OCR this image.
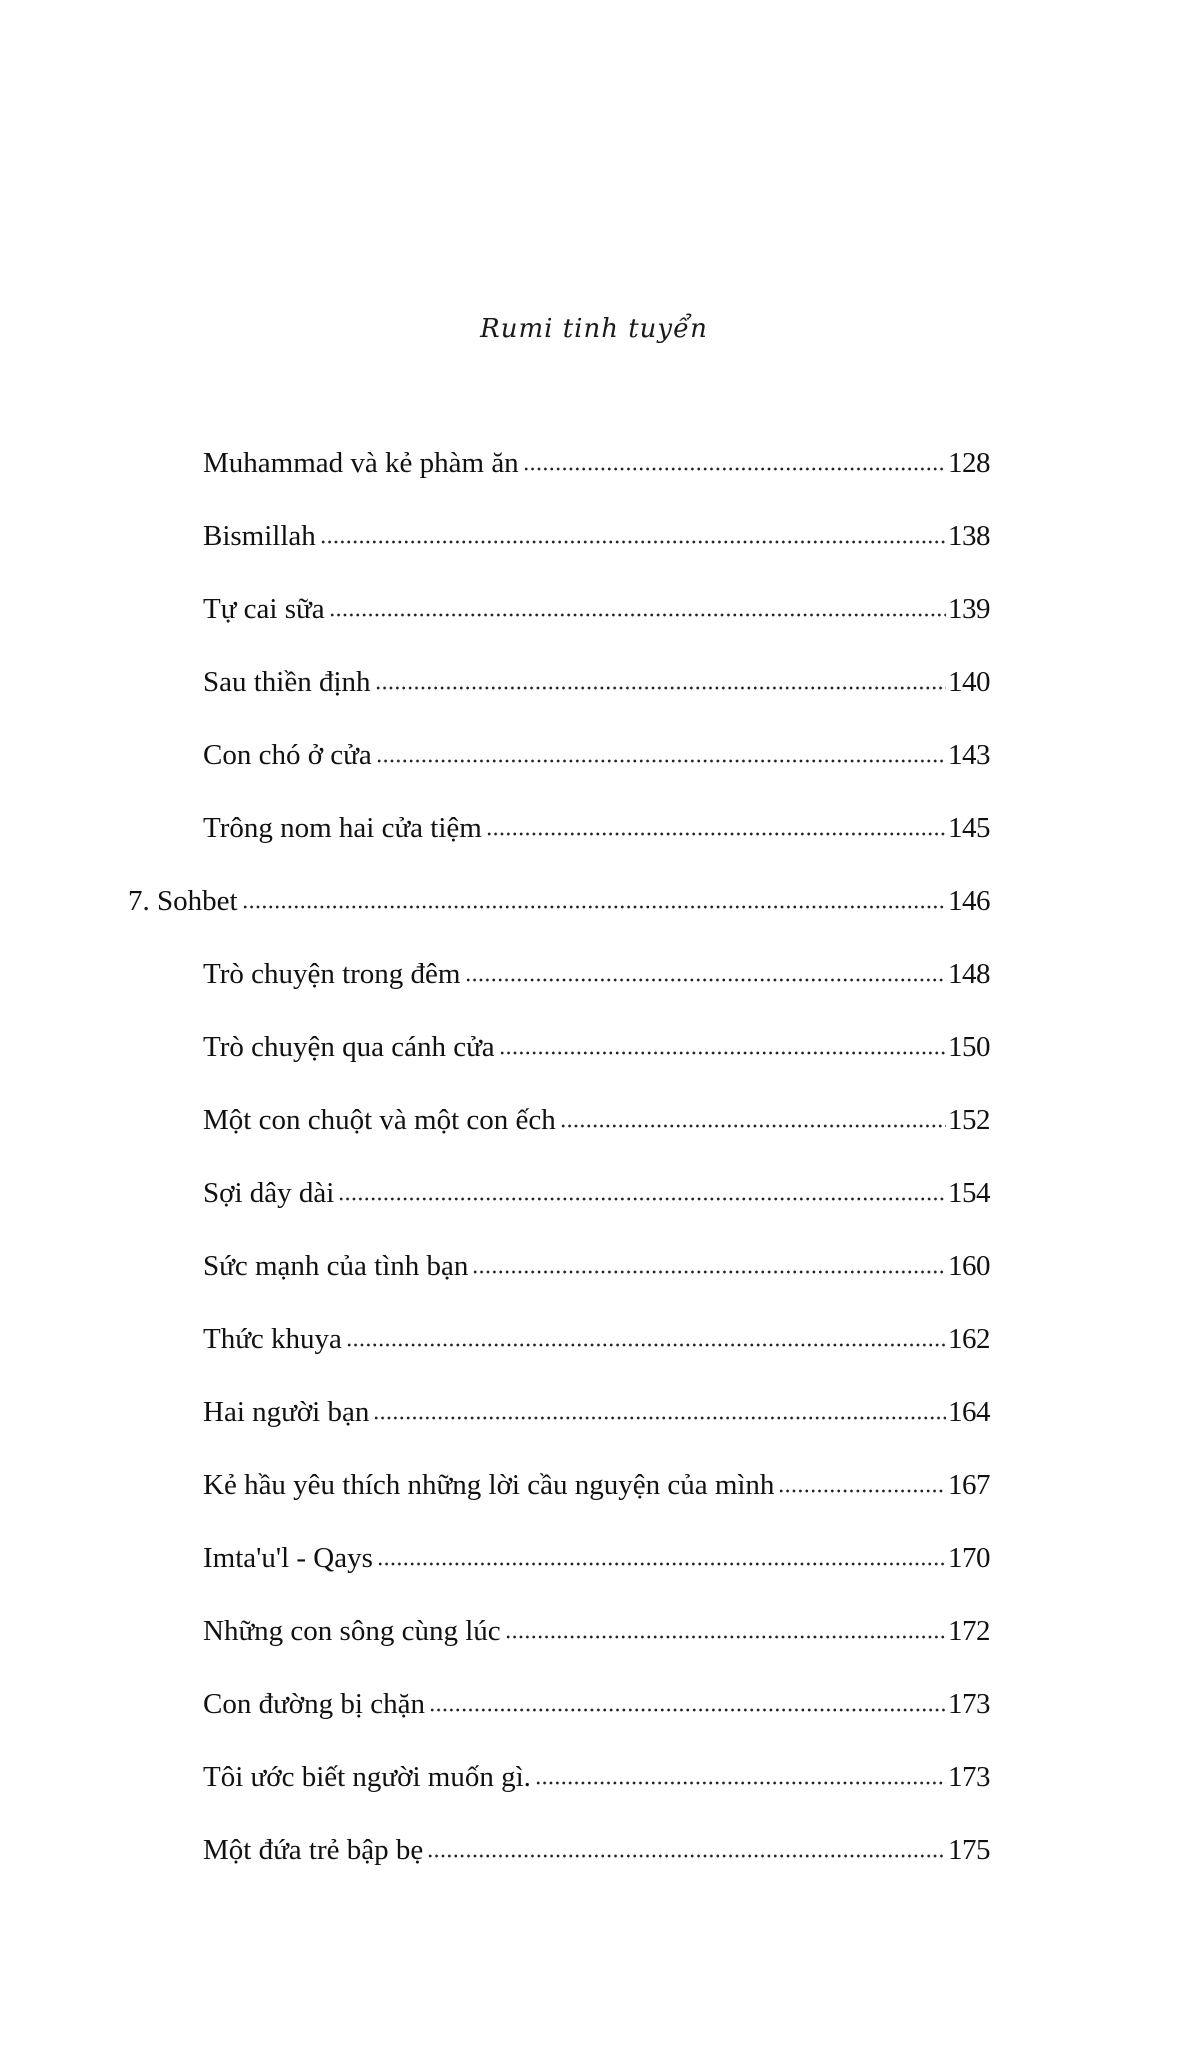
Rumi tinh tuyển
Muhammad và kẻ phàm ăn	128
Bismillah	138
Tự cai sữa	139
Sau thiền định	140
Con chó ở cửa	143
Trông nom hai cửa tiệm	145
7. Sohbet	146
Trò chuyện trong đêm	148
Trò chuyện qua cánh cửa	150
Một con chuột và một con ếch	152
Sợi dây dài	154
Sức mạnh của tình bạn	160
Thức khuya	162
Hai người bạn	164
Kẻ hầu yêu thích những lời cầu nguyện của mình	167
Imta'u'l - Qays	170
Những con sông cùng lúc	172
Con đường bị chặn	173
Tôi ước biết người muốn gì.	173
Một đứa trẻ bập bẹ	175
